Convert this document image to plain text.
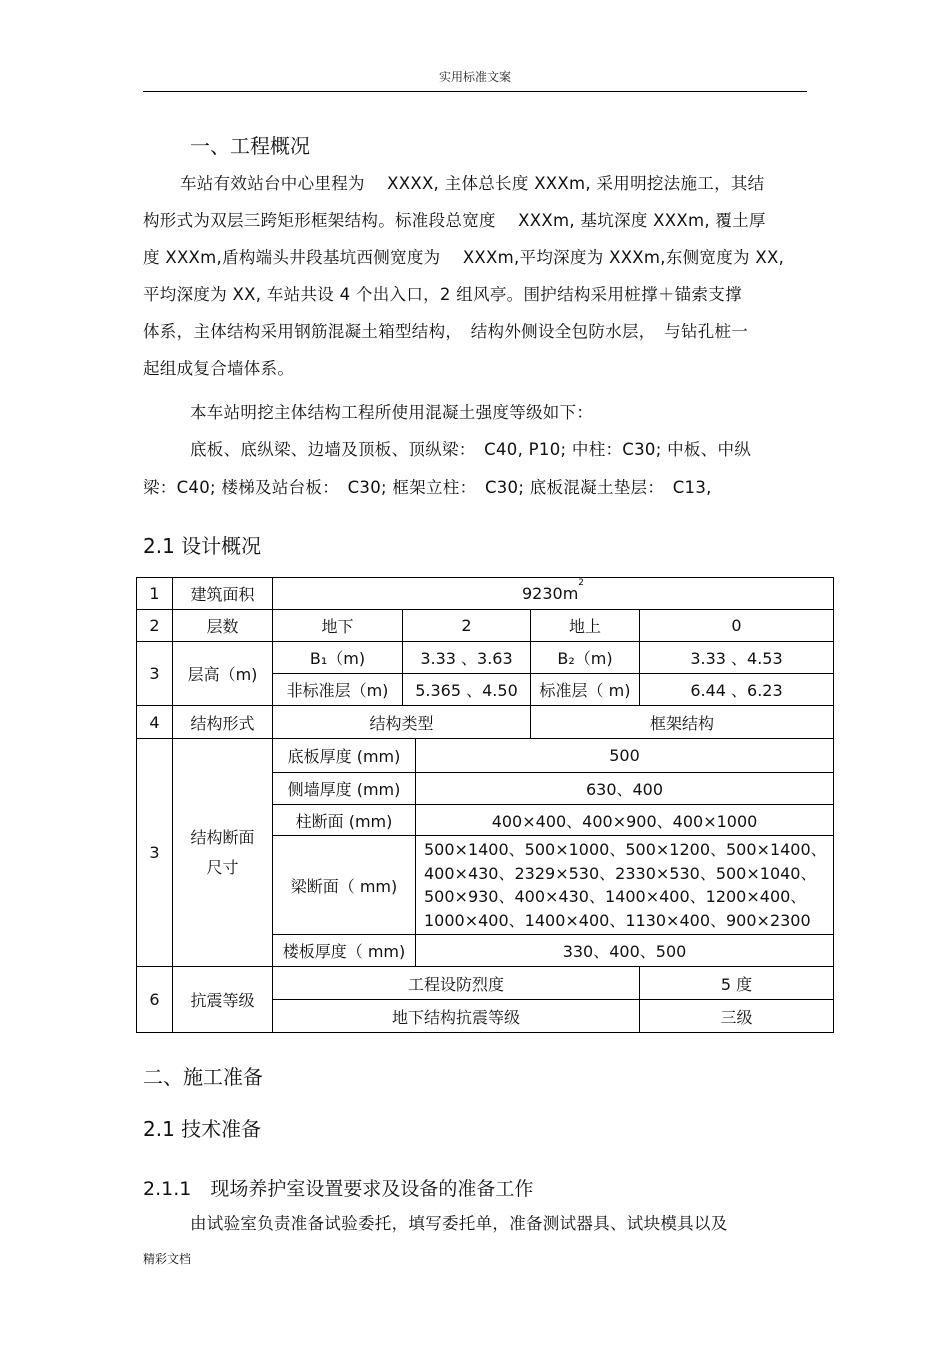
实用标准文案
一、工程概况
车站有效站台中心里程为　 XXXX, 主体总长度 XXXm, 采用明挖法施工，其结
构形式为双层三跨矩形框架结构。标准段总宽度　 XXXm, 基坑深度 XXXm, 覆土厚
度 XXXm,盾构端头井段基坑西侧宽度为　 XXXm,平均深度为 XXXm,东侧宽度为 XX,
平均深度为 XX, 车站共设 4 个出入口，2 组风亭。围护结构采用桩撑＋锚索支撑
体系，主体结构采用钢筋混凝土箱型结构，　结构外侧设全包防水层，　与钻孔桩一
起组成复合墙体系。
本车站明挖主体结构工程所使用混凝土强度等级如下：
底板、底纵梁、边墙及顶板、顶纵梁：　C40, P10; 中柱：C30; 中板、中纵
梁：C40; 楼梯及站台板：　C30; 框架立柱：　C30; 底板混凝土垫层：　C13,
2.1 设计概况
1	建筑面积	$9230m^2$
2	层数	地下	2		地上	0
3	层高（m)	B₁（m)	3.33 、3.63		B₂（m)	3.33 、4.53
		非标准层（m)	5.365 、4.50		标准层（ m)	6.44 、6.23
4	结构形式	结构类型			框架结构	
3	结构断面
尺寸	底板厚度 (mm)		500		
		侧墙厚度 (mm)		630、400		
		柱断面 (mm)		400×400、400×900、400×1000		
		梁断面（ mm)		500×1400、500×1000、500×1200、500×1400、400×430、2329×530、2330×530、500×1040、500×930、400×430、1400×400、1200×400、1000×400、1400×400、1130×400、900×2300		
		楼板厚度（ mm)		330、400、500		
6	抗震等级	工程设防烈度				5 度
		地下结构抗震等级				三级
二、施工准备
2.1 技术准备
2.1.1　现场养护室设置要求及设备的准备工作
由试验室负责准备试验委托，填写委托单，准备测试器具、试块模具以及
精彩文档
